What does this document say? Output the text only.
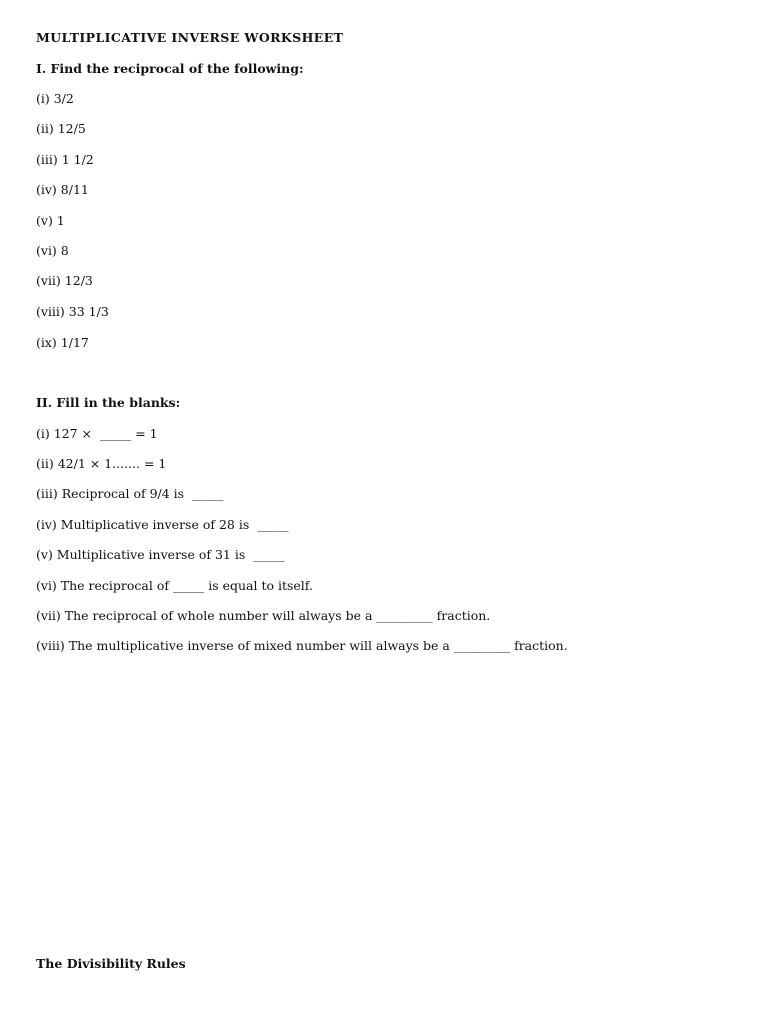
MULTIPLICATIVE INVERSE WORKSHEET
I. Find the reciprocal of the following:
(i) 3/2
(ii) 12/5
(iii) 1 1/2
(iv) 8/11
(v) 1
(vi) 8
(vii) 12/3
(viii) 33 1/3
(ix) 1/17
II. Fill in the blanks:
(i) 127 ×  _____ = 1
(ii) 42/1 × 1....... = 1
(iii) Reciprocal of 9/4 is  _____
(iv) Multiplicative inverse of 28 is  _____
(v) Multiplicative inverse of 31 is  _____
(vi) The reciprocal of _____ is equal to itself.
(vii) The reciprocal of whole number will always be a _________ fraction.
(viii) The multiplicative inverse of mixed number will always be a _________ fraction.
The Divisibility Rules
